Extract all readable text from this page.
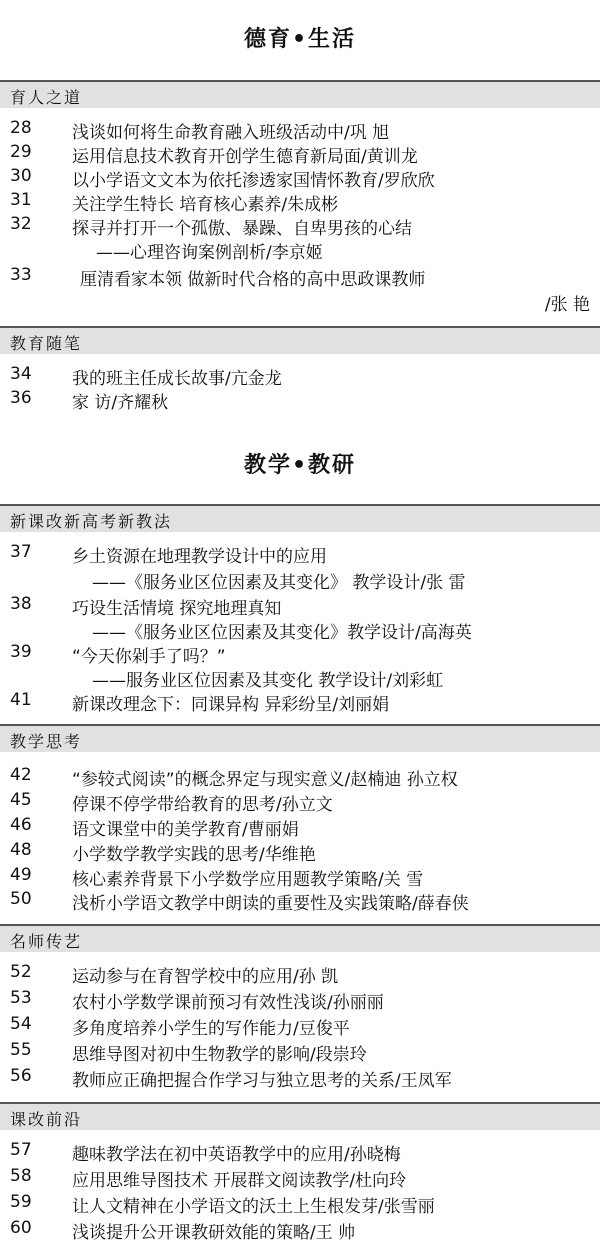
德育•生活
教学•教研
育人之道
28	浅谈如何将生命教育融入班级活动中/巩 旭
29	运用信息技术教育开创学生德育新局面/黄训龙
30	以小学语文文本为依托渗透家国情怀教育/罗欣欣
31	关注学生特长 培育核心素养/朱成彬
32	探寻并打开一个孤傲、暴躁、自卑男孩的心结
——心理咨询案例剖析/李京姬
33	厘清看家本领 做新时代合格的高中思政课教师
/张 艳
教育随笔
34	我的班主任成长故事/亢金龙
36	家 访/齐耀秋
新课改新高考新教法
37	乡土资源在地理教学设计中的应用
——《服务业区位因素及其变化》 教学设计/张 雷
38	巧设生活情境 探究地理真知
——《服务业区位因素及其变化》教学设计/高海英
39	“今天你剁手了吗？”
——服务业区位因素及其变化 教学设计/刘彩虹
41	新课改理念下：同课异构 异彩纷呈/刘丽娟
教学思考
42	“参较式阅读”的概念界定与现实意义/赵楠迪 孙立权
45	停课不停学带给教育的思考/孙立文
46	语文课堂中的美学教育/曹丽娟
48	小学数学教学实践的思考/华维艳
49	核心素养背景下小学数学应用题教学策略/关 雪
50	浅析小学语文教学中朗读的重要性及实践策略/薛春侠
名师传艺
52	运动参与在育智学校中的应用/孙 凯
53	农村小学数学课前预习有效性浅谈/孙丽丽
54	多角度培养小学生的写作能力/豆俊平
55	思维导图对初中生物教学的影响/段崇玲
56	教师应正确把握合作学习与独立思考的关系/王凤军
课改前沿
57	趣味教学法在初中英语教学中的应用/孙晓梅
58	应用思维导图技术 开展群文阅读教学/杜向玲
59	让人文精神在小学语文的沃土上生根发芽/张雪丽
60	浅谈提升公开课教研效能的策略/王 帅
